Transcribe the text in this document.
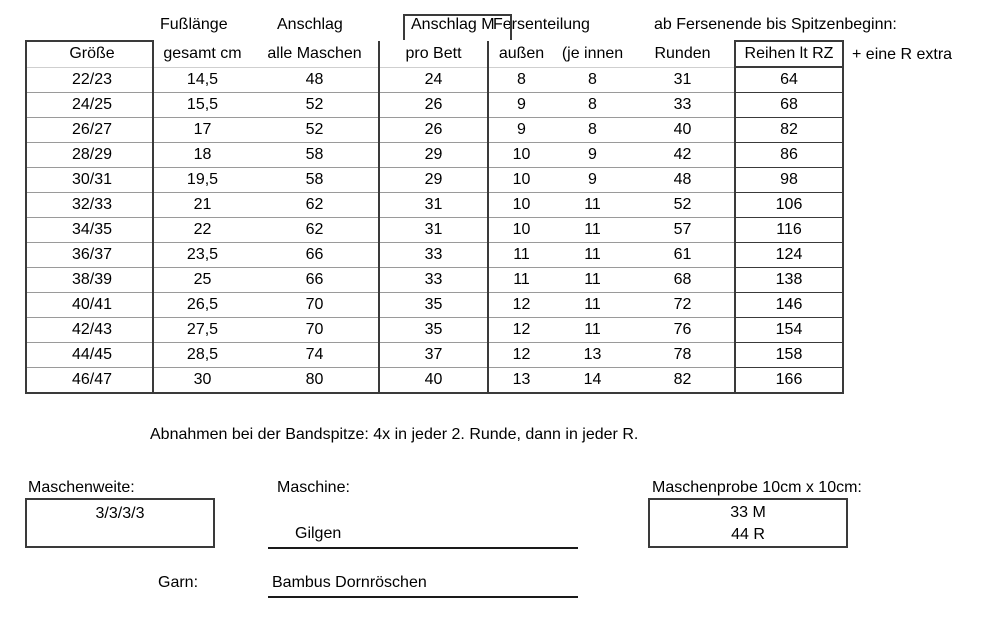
Fußlänge	Anschlag	Anschlag M
Fersenteilung	ab Fersenende bis Spitzenbeginn:
+ eine R extra
Größe	gesamt cm	alle Maschen	pro Bett	außen	(je innen	Runden	Reihen lt RZ
22/23	14,5	48	24	8	8	31	64
24/25	15,5	52	26	9	8	33	68
26/27	17	52	26	9	8	40	82
28/29	18	58	29	10	9	42	86
30/31	19,5	58	29	10	9	48	98
32/33	21	62	31	10	11	52	106
34/35	22	62	31	10	11	57	116
36/37	23,5	66	33	11	11	61	124
38/39	25	66	33	11	11	68	138
40/41	26,5	70	35	12	11	72	146
42/43	27,5	70	35	12	11	76	154
44/45	28,5	74	37	12	13	78	158
46/47	30	80	40	13	14	82	166
Abnahmen bei der Bandspitze: 4x in jeder 2. Runde, dann in jeder R.
Maschenweite:
3/3/3/3
Maschine:
Gilgen
Garn:	Bambus Dornröschen
Maschenprobe 10cm x 10cm:
33 M
44 R
